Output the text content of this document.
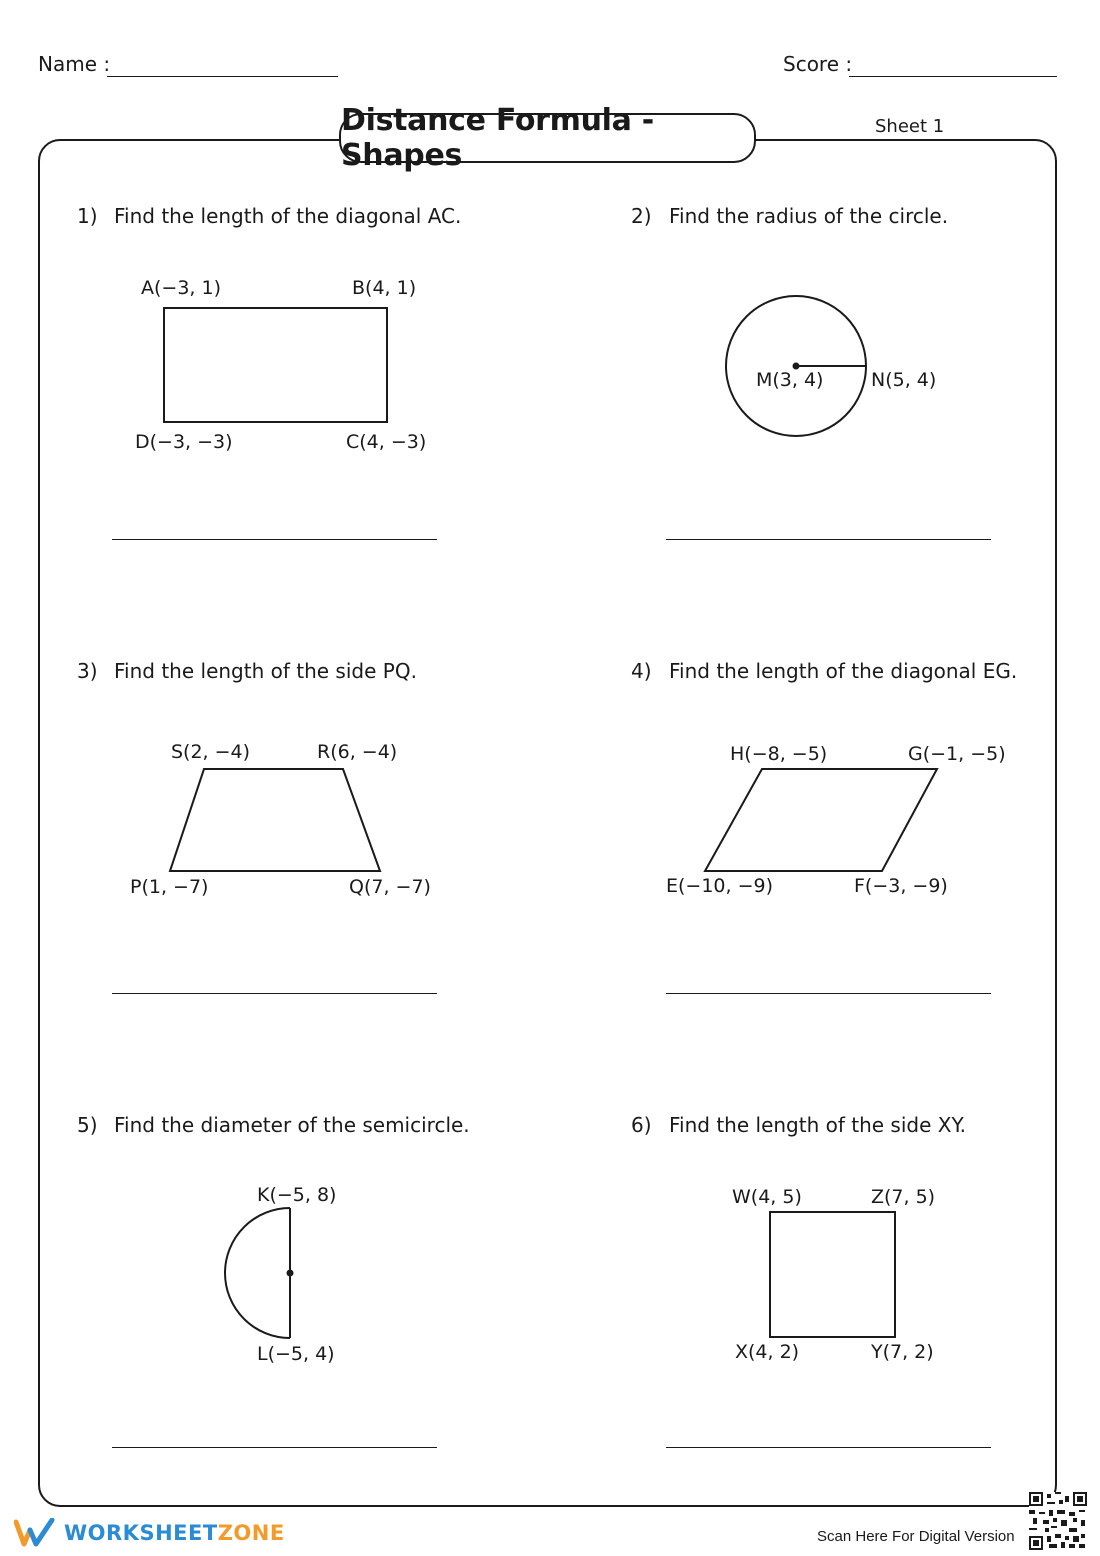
Name :	Score :
Distance Formula - Shapes
Sheet 1
1) Find the length of the diagonal AC.
A(−3, 1)	B(4, 1)
D(−3, −3)	C(4, −3)
2) Find the radius of the circle.
M(3, 4)	N(5, 4)
3) Find the length of the side PQ.
S(2, −4)	R(6, −4)
P(1, −7)	Q(7, −7)
4) Find the length of the diagonal EG.
H(−8, −5)	G(−1, −5)
E(−10, −9)	F(−3, −9)
5) Find the diameter of the semicircle.
K(−5, 8)
L(−5, 4)
6) Find the length of the side XY.
W(4, 5)	Z(7, 5)
X(4, 2)	Y(7, 2)
WORKSHEETZONE	Scan Here For Digital Version
